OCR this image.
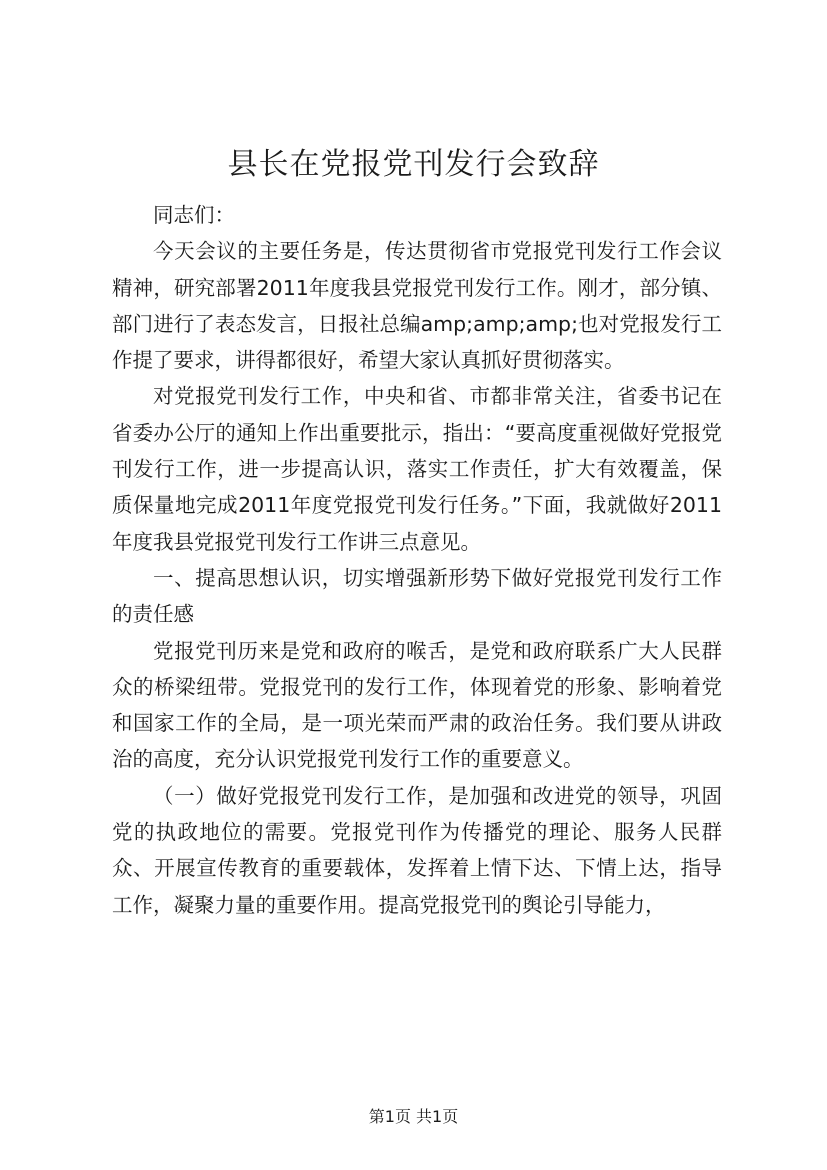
县长在党报党刊发行会致辞

同志们：

今天会议的主要任务是，传达贯彻省市党报党刊发行工作会议精神，研究部署2011年度我县党报党刊发行工作。刚才，部分镇、部门进行了表态发言，日报社总编amp;amp;amp;也对党报发行工作提了要求，讲得都很好，希望大家认真抓好贯彻落实。

对党报党刊发行工作，中央和省、市都非常关注，省委书记在省委办公厅的通知上作出重要批示，指出：“要高度重视做好党报党刊发行工作，进一步提高认识，落实工作责任，扩大有效覆盖，保质保量地完成2011年度党报党刊发行任务。”下面，我就做好2011年度我县党报党刊发行工作讲三点意见。

一、提高思想认识，切实增强新形势下做好党报党刊发行工作的责任感

党报党刊历来是党和政府的喉舌，是党和政府联系广大人民群众的桥梁纽带。党报党刊的发行工作，体现着党的形象、影响着党和国家工作的全局，是一项光荣而严肃的政治任务。我们要从讲政治的高度，充分认识党报党刊发行工作的重要意义。

（一）做好党报党刊发行工作，是加强和改进党的领导，巩固党的执政地位的需要。党报党刊作为传播党的理论、服务人民群众、开展宣传教育的重要载体，发挥着上情下达、下情上达，指导工作，凝聚力量的重要作用。提高党报党刊的舆论引导能力，

第1页 共1页
